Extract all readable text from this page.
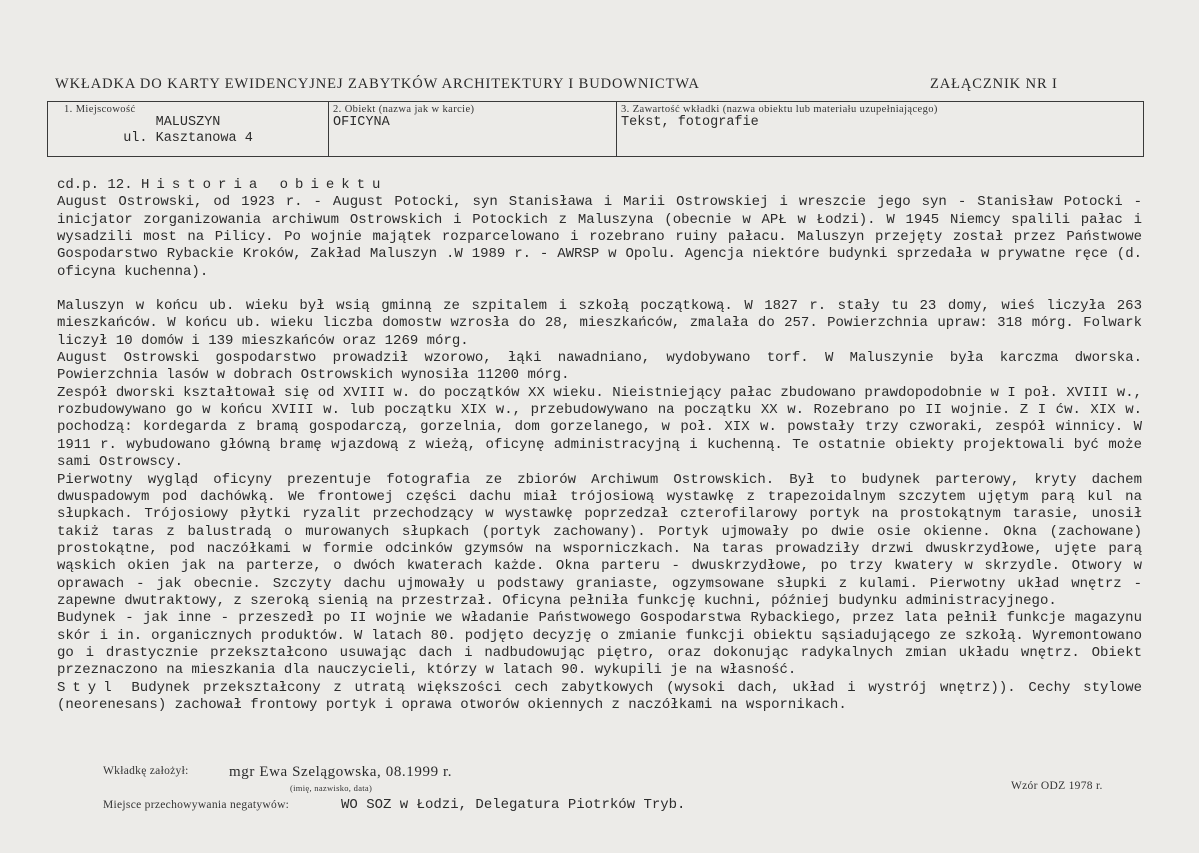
WKŁADKA DO KARTY EWIDENCYJNEJ ZABYTKÓW ARCHITEKTURY I BUDOWNICTWA	ZAŁĄCZNIK NR I
1. Miejscowość
MALUSZYN
ul. Kasztanowa 4
2. Obiekt (nazwa jak w karcie)
OFICYNA
3. Zawartość wkładki (nazwa obiektu lub materiału uzupełniającego)
Tekst, fotografie

cd.p. 12. Historia obiektu

August Ostrowski, od 1923 r. - August Potocki, syn Stanisława i Marii Ostrowskiej i wreszcie jego syn - Stanisław Potocki - inicjator zorganizowania archiwum Ostrowskich i Potockich z Maluszyna (obecnie w APŁ w Łodzi). W 1945 Niemcy spalili pałac i wysadzili most na Pilicy. Po wojnie majątek rozparcelowano i rozebrano ruiny pałacu. Maluszyn przejęty został przez Państwowe Gospodarstwo Rybackie Kroków, Zakład Maluszyn .W 1989 r. - AWRSP w Opolu. Agencja niektóre budynki sprzedała w prywatne ręce (d. oficyna kuchenna).

Maluszyn w końcu ub. wieku był wsią gminną ze szpitalem i szkołą początkową. W 1827 r. stały tu 23 domy, wieś liczyła 263 mieszkańców. W końcu ub. wieku liczba domostw wzrosła do 28, mieszkańców, zmalała do 257. Powierzchnia upraw: 318 mórg. Folwark liczył 10 domów i 139 mieszkańców oraz 1269 mórg.

August Ostrowski gospodarstwo prowadził wzorowo, łąki nawadniano, wydobywano torf. W Maluszynie była karczma dworska. Powierzchnia lasów w dobrach Ostrowskich wynosiła 11200 mórg.

Zespół dworski kształtował się od XVIII w. do początków XX wieku. Nieistniejący pałac zbudowano prawdopodobnie w I poł. XVIII w., rozbudowywano go w końcu XVIII w. lub początku XIX w., przebudowywano na początku XX w. Rozebrano po II wojnie. Z I ćw. XIX w. pochodzą: kordegarda z bramą gospodarczą, gorzelnia, dom gorzelanego, w poł. XIX w. powstały trzy czworaki, zespół winnicy. W 1911 r. wybudowano główną bramę wjazdową z wieżą, oficynę administracyjną i kuchenną. Te ostatnie obiekty projektowali być może sami Ostrowscy.

Pierwotny wygląd oficyny prezentuje fotografia ze zbiorów Archiwum Ostrowskich. Był to budynek parterowy, kryty dachem dwuspadowym pod dachówką. We frontowej części dachu miał trójosiową wystawkę z trapezoidalnym szczytem ujętym parą kul na słupkach. Trójosiowy płytki ryzalit przechodzący w wystawkę poprzedzał czterofilarowy portyk na prostokątnym tarasie, unosił takiż taras z balustradą o murowanych słupkach (portyk zachowany). Portyk ujmowały po dwie osie okienne. Okna (zachowane) prostokątne, pod naczółkami w formie odcinków gzymsów na wsporniczkach. Na taras prowadziły drzwi dwuskrzydłowe, ujęte parą wąskich okien jak na parterze, o dwóch kwaterach każde. Okna parteru - dwuskrzydłowe, po trzy kwatery w skrzydle. Otwory w oprawach - jak obecnie. Szczyty dachu ujmowały u podstawy graniaste, ogzymsowane słupki z kulami. Pierwotny układ wnętrz - zapewne dwutraktowy, z szeroką sienią na przestrzał. Oficyna pełniła funkcję kuchni, później budynku administracyjnego.

Budynek - jak inne - przeszedł po II wojnie we władanie Państwowego Gospodarstwa Rybackiego, przez lata pełnił funkcje magazynu skór i in. organicznych produktów. W latach 80. podjęto decyzję o zmianie funkcji obiektu sąsiadującego ze szkołą. Wyremontowano go i drastycznie przekształcono usuwając dach i nadbudowując piętro, oraz dokonując radykalnych zmian układu wnętrz. Obiekt przeznaczono na mieszkania dla nauczycieli, którzy w latach 90. wykupili je na własność.

Styl Budynek przekształcony z utratą większości cech zabytkowych (wysoki dach, układ i wystrój wnętrz)). Cechy stylowe (neorenesans) zachował frontowy portyk i oprawa otworów okiennych z naczółkami na wspornikach.

Wkładkę założył:	mgr Ewa Szelągowska, 08.1999 r.
(imię, nazwisko, data)	Wzór ODZ 1978 r.
Miejsce przechowywania negatywów:	WO SOZ w Łodzi, Delegatura Piotrków Tryb.
